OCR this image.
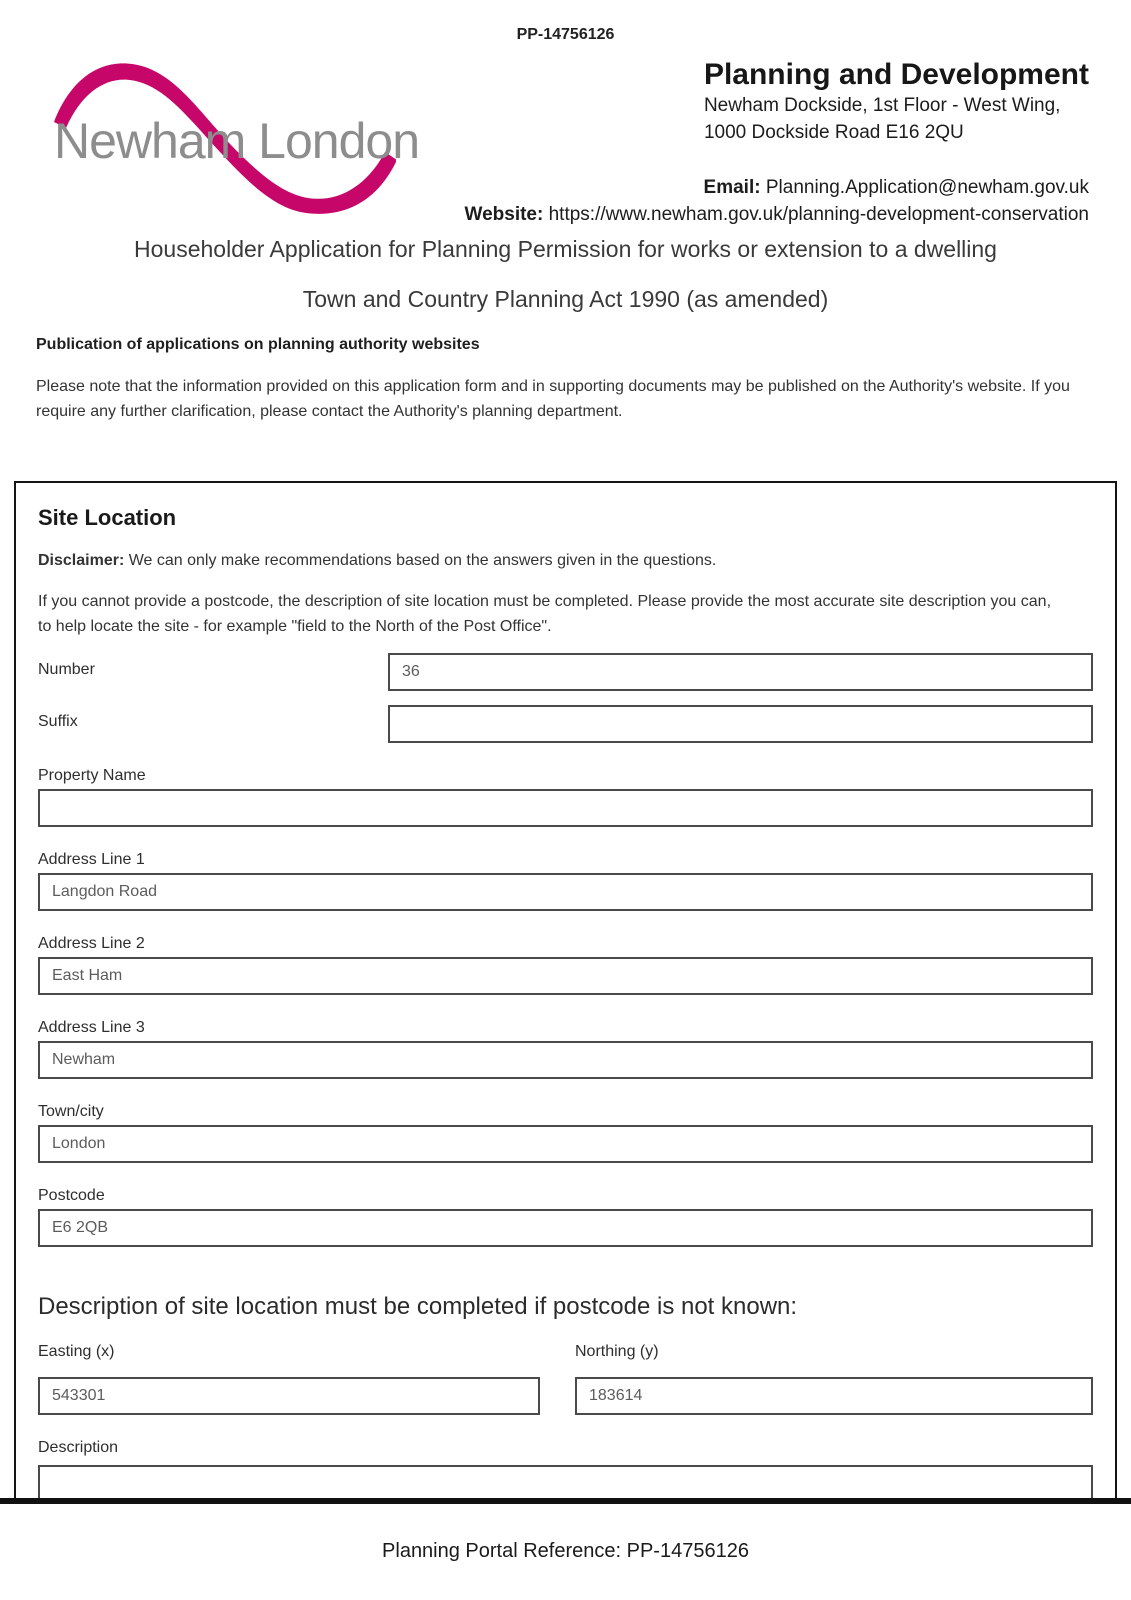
PP-14756126
Newham London
Planning and Development
Newham Dockside, 1st Floor - West Wing,
1000 Dockside Road E16 2QU
Email: Planning.Application@newham.gov.uk
Website: https://www.newham.gov.uk/planning-development-conservation
Householder Application for Planning Permission for works or extension to a dwelling
Town and Country Planning Act 1990 (as amended)
Publication of applications on planning authority websites
Please note that the information provided on this application form and in supporting documents may be published on the Authority's website. If you require any further clarification, please contact the Authority's planning department.
Site Location
Disclaimer: We can only make recommendations based on the answers given in the questions.
If you cannot provide a postcode, the description of site location must be completed. Please provide the most accurate site description you can, to help locate the site - for example "field to the North of the Post Office".
Number
36
Suffix
Property Name
Address Line 1
Langdon Road
Address Line 2
East Ham
Address Line 3
Newham
Town/city
London
Postcode
E6 2QB
Description of site location must be completed if postcode is not known:
Easting (x)
543301	Northing (y)
183614
Description
Planning Portal Reference: PP-14756126
